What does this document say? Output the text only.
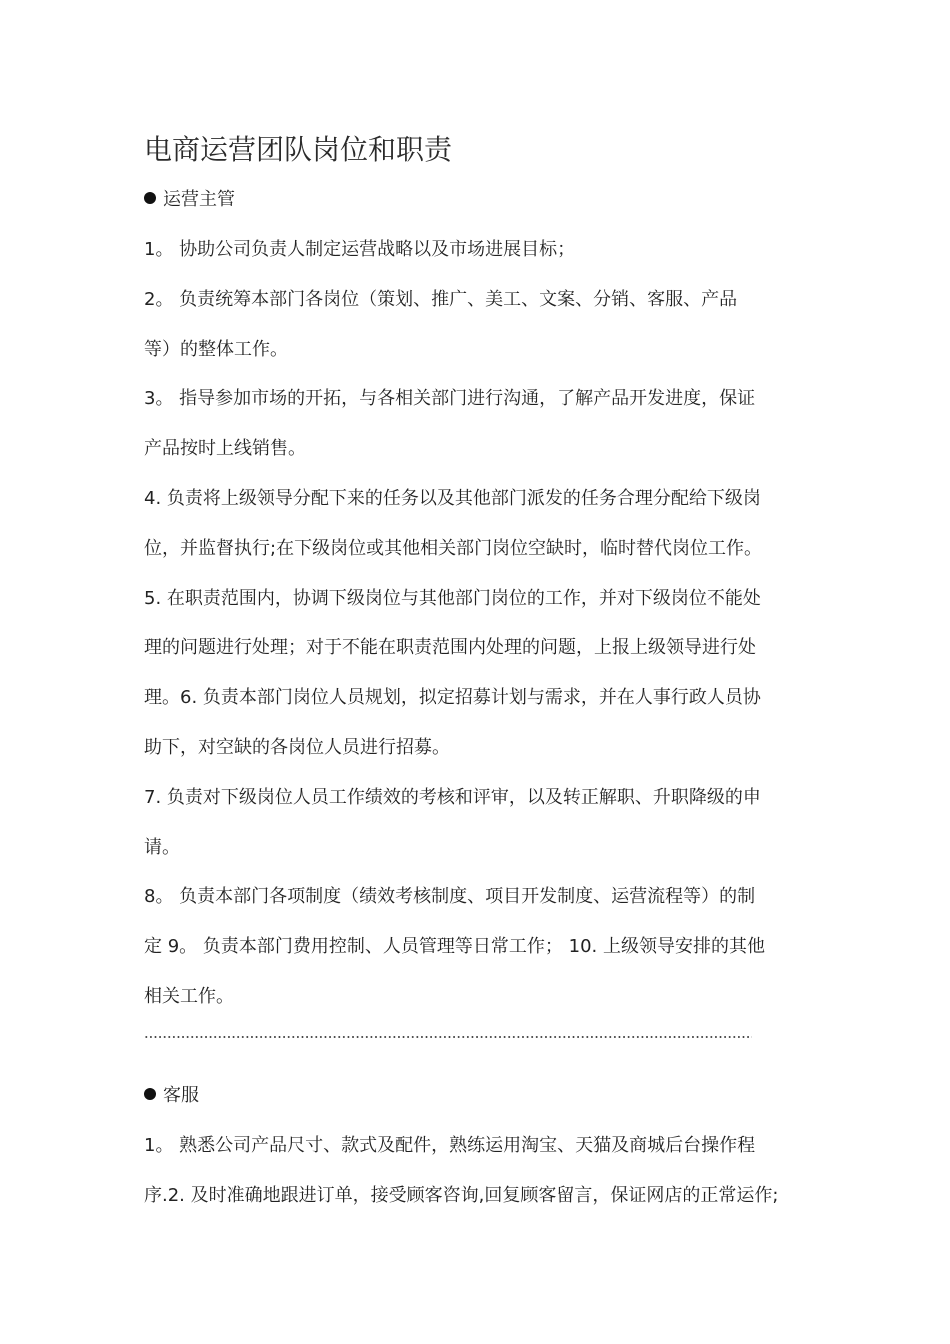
电商运营团队岗位和职责
运营主管
1。 协助公司负责人制定运营战略以及市场进展目标；
2。 负责统筹本部门各岗位（策划、推广、美工、文案、分销、客服、产品
等）的整体工作。
3。 指导参加市场的开拓，与各相关部门进行沟通，了解产品开发进度，保证
产品按时上线销售。
4. 负责将上级领导分配下来的任务以及其他部门派发的任务合理分配给下级岗
位，并监督执行;在下级岗位或其他相关部门岗位空缺时，临时替代岗位工作。
5. 在职责范围内，协调下级岗位与其他部门岗位的工作，并对下级岗位不能处
理的问题进行处理；对于不能在职责范围内处理的问题，上报上级领导进行处
理。6. 负责本部门岗位人员规划，拟定招募计划与需求，并在人事行政人员协
助下，对空缺的各岗位人员进行招募。
7. 负责对下级岗位人员工作绩效的考核和评审，以及转正解职、升职降级的申
请。
8。 负责本部门各项制度（绩效考核制度、项目开发制度、运营流程等）的制
定 9。 负责本部门费用控制、人员管理等日常工作； 10. 上级领导安排的其他
相关工作。
客服
1。 熟悉公司产品尺寸、款式及配件，熟练运用淘宝、天猫及商城后台操作程
序.2. 及时准确地跟进订单，接受顾客咨询,回复顾客留言，保证网店的正常运作;
